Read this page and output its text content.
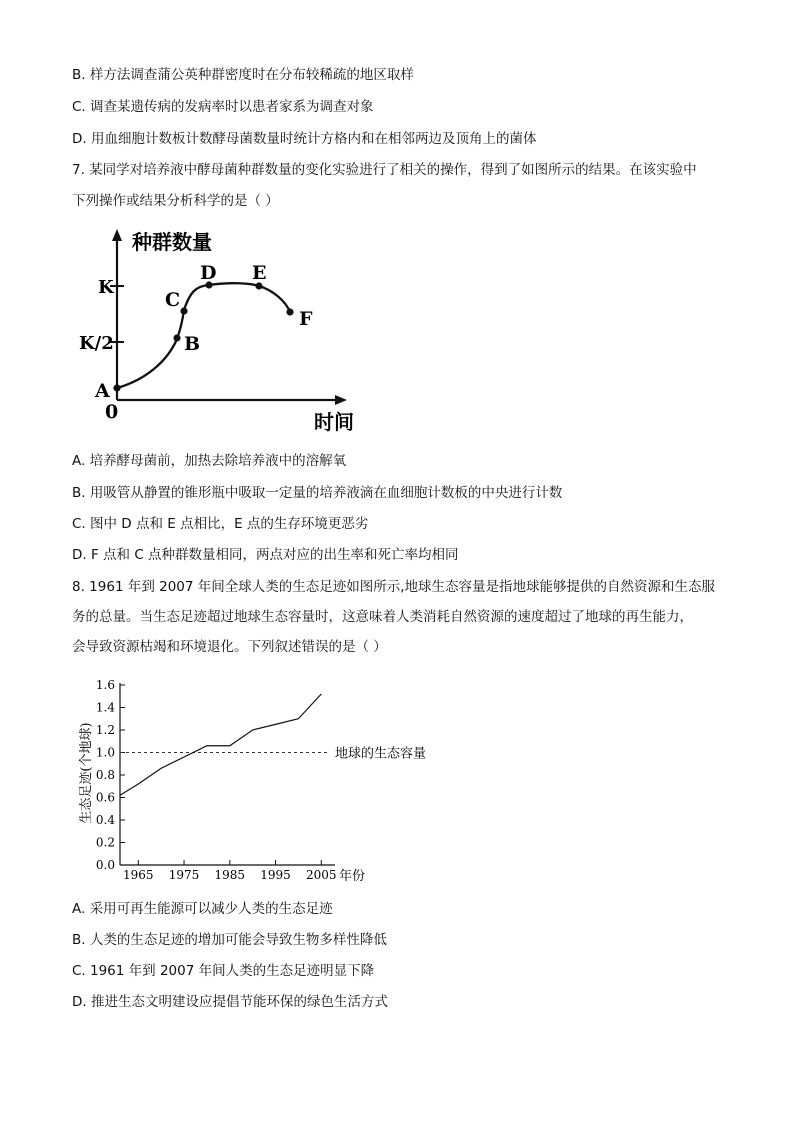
B. 样方法调查蒲公英种群密度时在分布较稀疏的地区取样
C. 调查某遗传病的发病率时以患者家系为调查对象
D. 用血细胞计数板计数酵母菌数量时统计方格内和在相邻两边及顶角上的菌体
7. 某同学对培养液中酵母菌种群数量的变化实验进行了相关的操作，得到了如图所示的结果。在该实验中
下列操作或结果分析科学的是（ ）
种群数量
时间
0
K
K/2
A
B
C
D E
F
A. 培养酵母菌前，加热去除培养液中的溶解氧
B. 用吸管从静置的锥形瓶中吸取一定量的培养液滴在血细胞计数板的中央进行计数
C. 图中 D 点和 E 点相比，E 点的生存环境更恶劣
D. F 点和 C 点种群数量相同，两点对应的出生率和死亡率均相同
8. 1961 年到 2007 年间全球人类的生态足迹如图所示,地球生态容量是指地球能够提供的自然资源和生态服
务的总量。当生态足迹超过地球生态容量时，这意味着人类消耗自然资源的速度超过了地球的再生能力，
会导致资源枯竭和环境退化。下列叙述错误的是（ ）
0.0
0.2
0.4
0.6
0.8
1.0
1.2
1.4
1.6
1965 1975 1985 1995 2005
地球的生态容量
生态足迹(个地球)
年份
A. 采用可再生能源可以减少人类的生态足迹
B. 人类的生态足迹的增加可能会导致生物多样性降低
C. 1961 年到 2007 年间人类的生态足迹明显下降
D. 推进生态文明建设应提倡节能环保的绿色生活方式
